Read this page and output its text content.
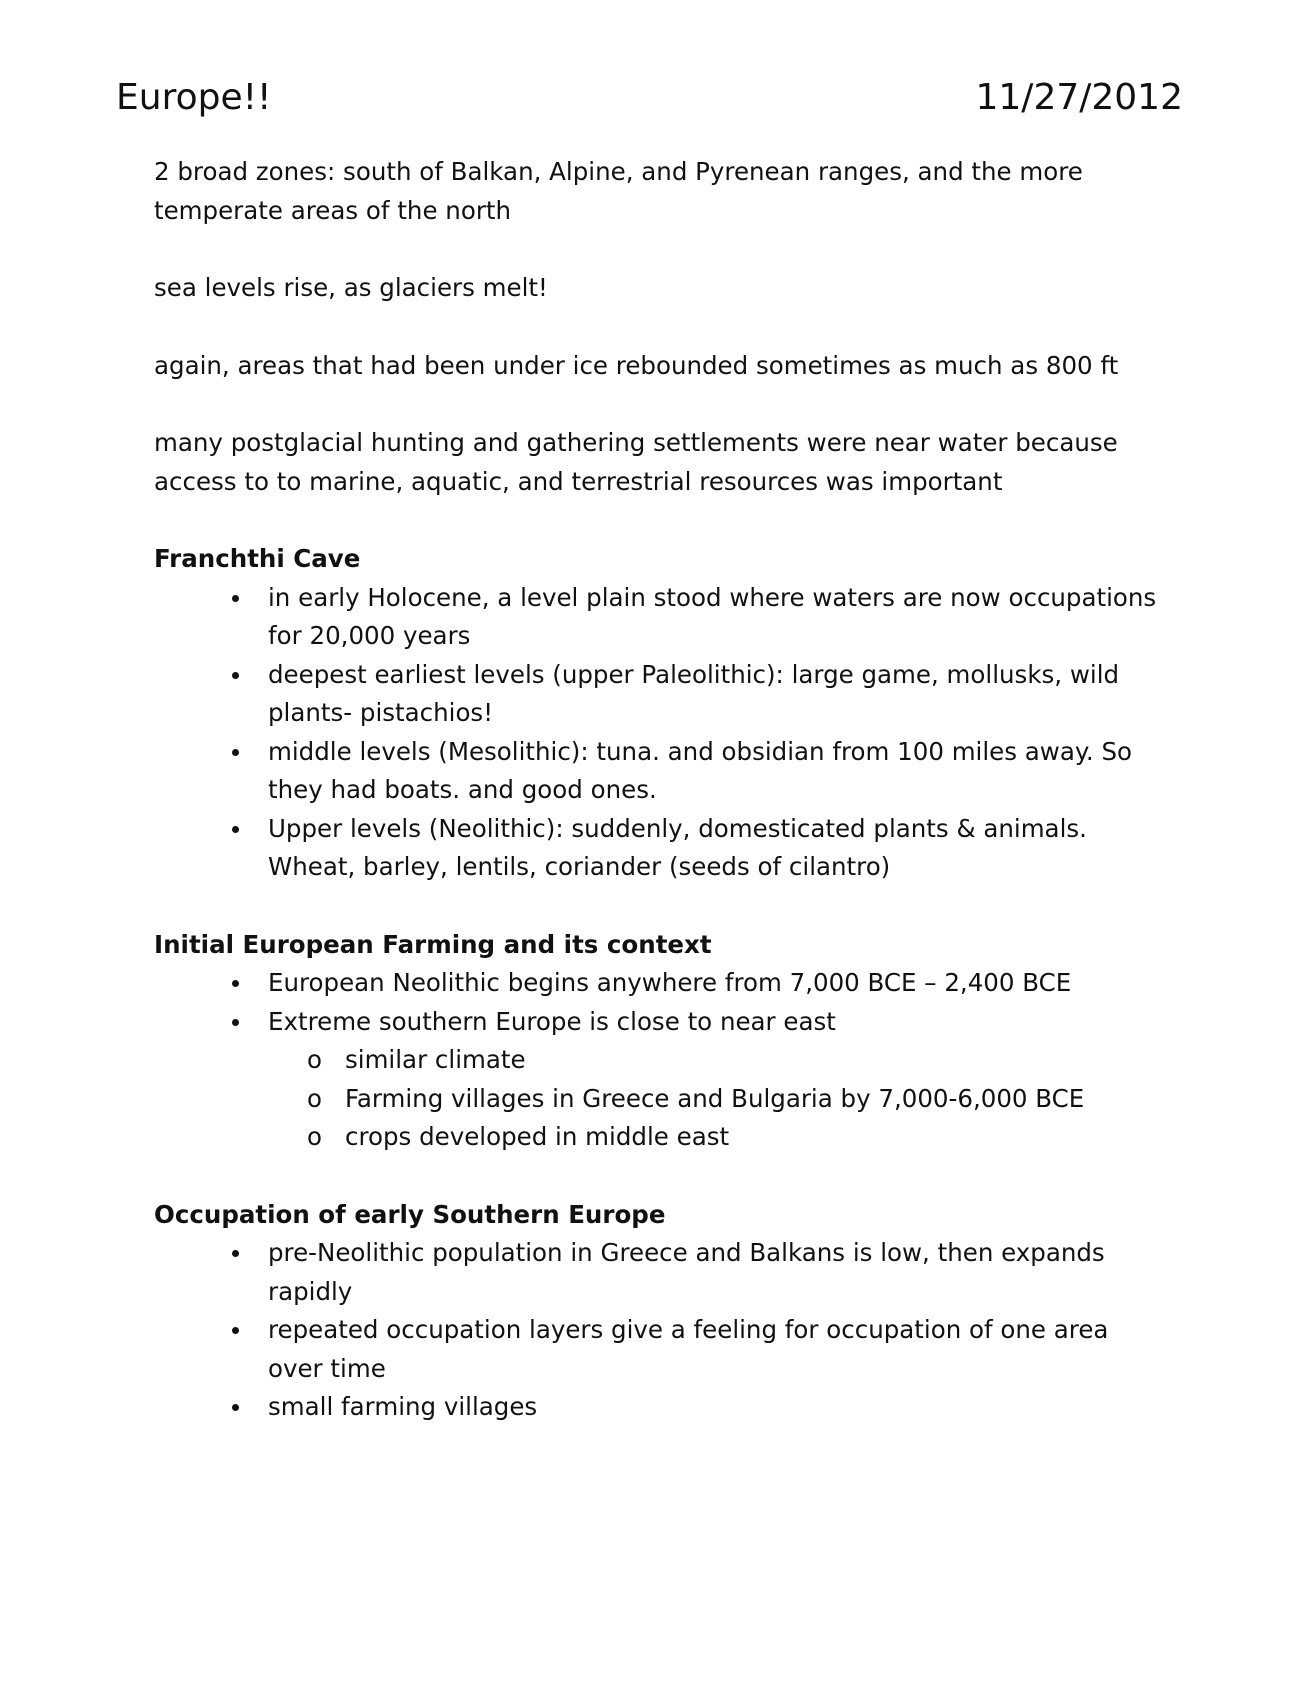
Europe!!	11/27/2012

2 broad zones: south of Balkan, Alpine, and Pyrenean ranges, and the more temperate areas of the north

sea levels rise, as glaciers melt!

again, areas that had been under ice rebounded sometimes as much as 800 ft

many postglacial hunting and gathering settlements were near water because access to to marine, aquatic, and terrestrial resources was important

Franchthi Cave
in early Holocene, a level plain stood where waters are now occupations for 20,000 years
deepest earliest levels (upper Paleolithic): large game, mollusks, wild plants- pistachios!
middle levels (Mesolithic): tuna. and obsidian from 100 miles away. So they had boats. and good ones.
Upper levels (Neolithic): suddenly, domesticated plants & animals. Wheat, barley, lentils, coriander (seeds of cilantro)
Initial European Farming and its context
European Neolithic begins anywhere from 7,000 BCE – 2,400 BCE
Extreme southern Europe is close to near east
o similar climate
o Farming villages in Greece and Bulgaria by 7,000-6,000 BCE
o crops developed in middle east
Occupation of early Southern Europe
pre-Neolithic population in Greece and Balkans is low, then expands rapidly
repeated occupation layers give a feeling for occupation of one area over time
small farming villages
